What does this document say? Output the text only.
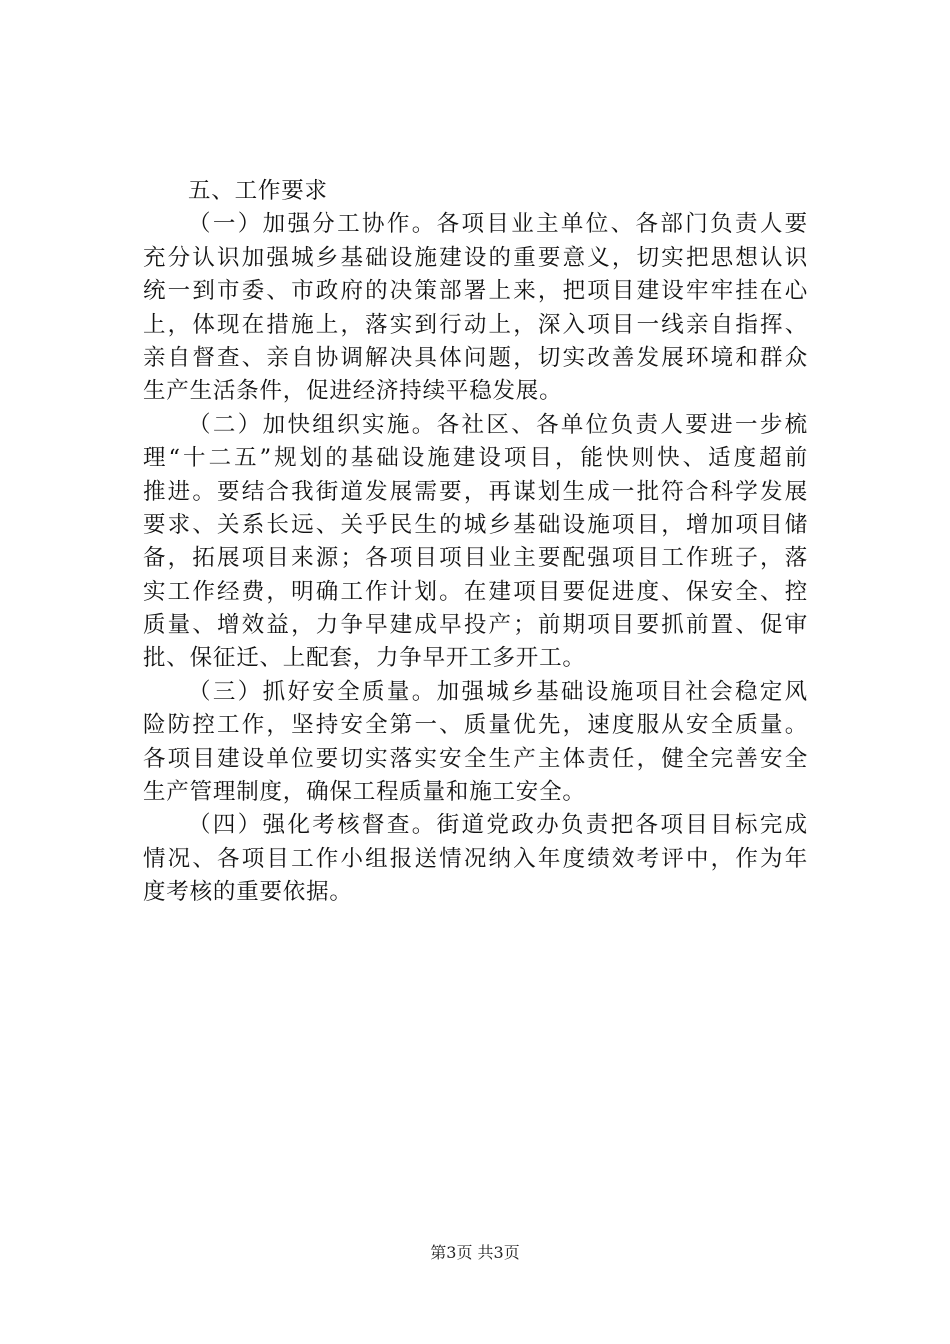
五、工作要求
（一）加强分工协作。各项目业主单位、各部门负责人要
充分认识加强城乡基础设施建设的重要意义，切实把思想认识
统一到市委、市政府的决策部署上来，把项目建设牢牢挂在心
上，体现在措施上，落实到行动上，深入项目一线亲自指挥、
亲自督查、亲自协调解决具体问题，切实改善发展环境和群众
生产生活条件，促进经济持续平稳发展。
（二）加快组织实施。各社区、各单位负责人要进一步梳
理“十二五”规划的基础设施建设项目，能快则快、适度超前
推进。要结合我街道发展需要，再谋划生成一批符合科学发展
要求、关系长远、关乎民生的城乡基础设施项目，增加项目储
备，拓展项目来源；各项目项目业主要配强项目工作班子，落
实工作经费，明确工作计划。在建项目要促进度、保安全、控
质量、增效益，力争早建成早投产；前期项目要抓前置、促审
批、保征迁、上配套，力争早开工多开工。
（三）抓好安全质量。加强城乡基础设施项目社会稳定风
险防控工作，坚持安全第一、质量优先，速度服从安全质量。
各项目建设单位要切实落实安全生产主体责任，健全完善安全
生产管理制度，确保工程质量和施工安全。
（四）强化考核督查。街道党政办负责把各项目目标完成
情况、各项目工作小组报送情况纳入年度绩效考评中，作为年
度考核的重要依据。
第3页 共3页
